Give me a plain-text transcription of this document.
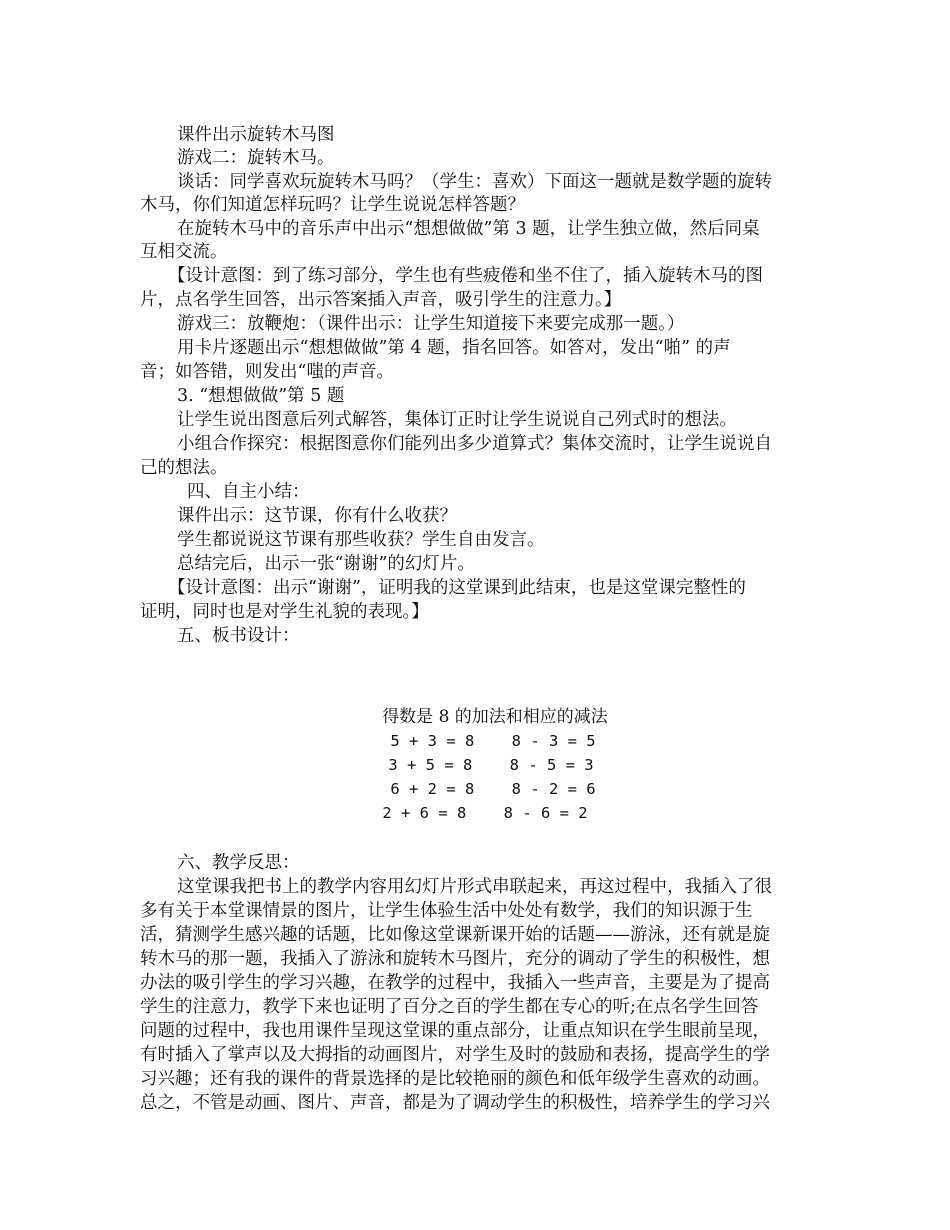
课件出示旋转木马图
游戏二：旋转木马。
谈话：同学喜欢玩旋转木马吗？（学生：喜欢）下面这一题就是数学题的旋转
木马，你们知道怎样玩吗？让学生说说怎样答题？
在旋转木马中的音乐声中出示“想想做做”第 3 题，让学生独立做，然后同桌
互相交流。
【设计意图：到了练习部分，学生也有些疲倦和坐不住了，插入旋转木马的图
片，点名学生回答，出示答案插入声音，吸引学生的注意力。】
游戏三：放鞭炮：（课件出示：让学生知道接下来要完成那一题。）
用卡片逐题出示“想想做做”第 4 题，指名回答。如答对，发出“啪” 的声
音；如答错，则发出“嗤的声音。
3. “想想做做”第 5 题
让学生说出图意后列式解答，集体订正时让学生说说自己列式时的想法。
小组合作探究：根据图意你们能列出多少道算式？集体交流时，让学生说说自
己的想法。
四、自主小结：
课件出示：这节课，你有什么收获？
学生都说说这节课有那些收获？学生自由发言。
总结完后，出示一张“谢谢”的幻灯片。
【设计意图：出示“谢谢”，证明我的这堂课到此结束，也是这堂课完整性的
证明，同时也是对学生礼貌的表现。】
五、板书设计：
得数是 8 的加法和相应的减法
5 + 3 = 8    8 - 3 = 5
3 + 5 = 8    8 - 5 = 3
6 + 2 = 8    8 - 2 = 6
2 + 6 = 8    8 - 6 = 2
六、教学反思：
这堂课我把书上的教学内容用幻灯片形式串联起来，再这过程中，我插入了很
多有关于本堂课情景的图片，让学生体验生活中处处有数学，我们的知识源于生
活，猜测学生感兴趣的话题，比如像这堂课新课开始的话题——游泳，还有就是旋
转木马的那一题，我插入了游泳和旋转木马图片，充分的调动了学生的积极性，想
办法的吸引学生的学习兴趣，在教学的过程中，我插入一些声音，主要是为了提高
学生的注意力，教学下来也证明了百分之百的学生都在专心的听;在点名学生回答
问题的过程中，我也用课件呈现这堂课的重点部分，让重点知识在学生眼前呈现，
有时插入了掌声以及大拇指的动画图片，对学生及时的鼓励和表扬，提高学生的学
习兴趣；还有我的课件的背景选择的是比较艳丽的颜色和低年级学生喜欢的动画。
总之，不管是动画、图片、声音，都是为了调动学生的积极性，培养学生的学习兴
